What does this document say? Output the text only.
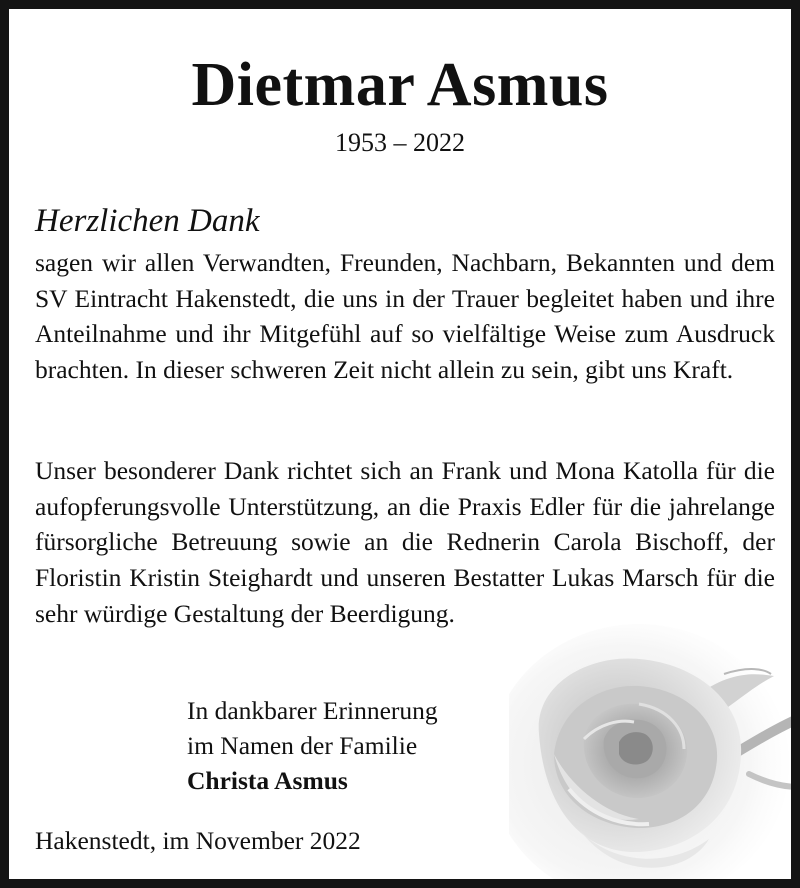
Dietmar Asmus
1953 – 2022
Herzlichen Dank
sagen wir allen Verwandten, Freunden, Nachbarn, Bekannten und dem SV Eintracht Hakenstedt, die uns in der Trauer begleitet haben und ihre Anteilnahme und ihr Mitgefühl auf so vielfältige Weise zum Ausdruck brachten. In dieser schweren Zeit nicht allein zu sein, gibt uns Kraft.
Unser besonderer Dank richtet sich an Frank und Mona Katolla für die aufopferungsvolle Unterstützung, an die Praxis Edler für die jahrelange fürsorgliche Betreuung sowie an die Rednerin Carola Bischoff, der Floristin Kristin Steighardt und unseren Bestatter Lukas Marsch für die sehr würdige Gestaltung der Beerdigung.
In dankbarer Erinnerung
im Namen der Familie
Christa Asmus
Hakenstedt, im November 2022
